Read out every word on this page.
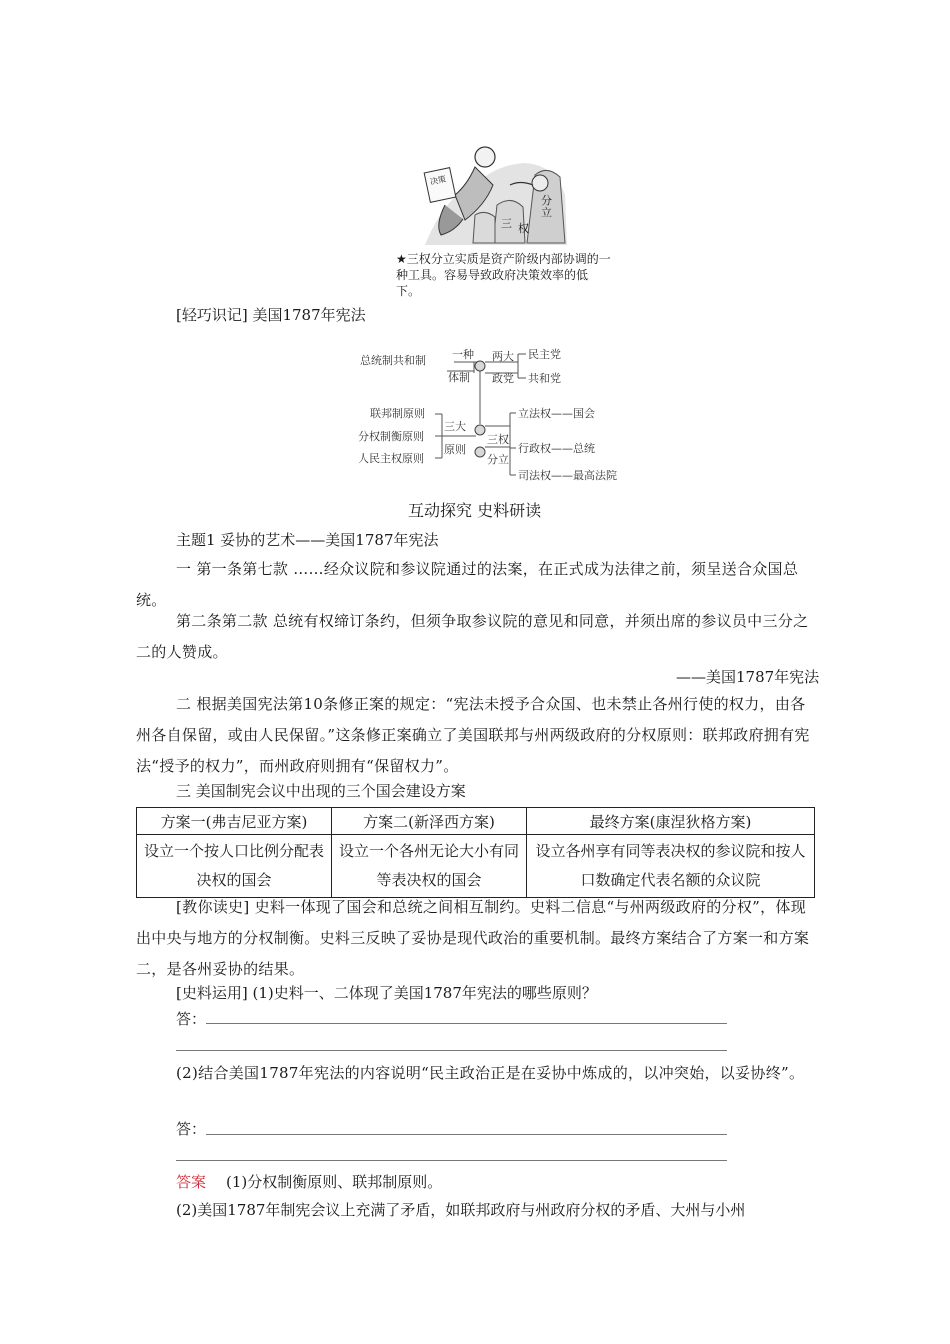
决策
分立
三 权
★三权分立实质是资产阶级内部协调的一种工具。容易导致政府决策效率的低下。
[轻巧识记] 美国1787年宪法
总统制共和制 一种
体制
两大
政党
民主党
共和党
联邦制原则
分权制衡原则
人民主权原则
三大
原则
三权
分立
立法权——国会
行政权——总统
司法权——最高法院
互动探究 史料研读
主题1 妥协的艺术——美国1787年宪法
一 第一条第七款 ……经众议院和参议院通过的法案，在正式成为法律之前，须呈送合众国总统。
第二条第二款 总统有权缔订条约，但须争取参议院的意见和同意，并须出席的参议员中三分之二的人赞成。
——美国1787年宪法
二 根据美国宪法第10条修正案的规定：“宪法未授予合众国、也未禁止各州行使的权力，由各州各自保留，或由人民保留。”这条修正案确立了美国联邦与州两级政府的分权原则：联邦政府拥有宪法“授予的权力”，而州政府则拥有“保留权力”。
三 美国制宪会议中出现的三个国会建设方案
方案一(弗吉尼亚方案)	方案二(新泽西方案)	最终方案(康涅狄格方案)
设立一个按人口比例分配表决权的国会	设立一个各州无论大小有同等表决权的国会	设立各州享有同等表决权的参议院和按人口数确定代表名额的众议院
[教你读史] 史料一体现了国会和总统之间相互制约。史料二信息“与州两级政府的分权”，体现出中央与地方的分权制衡。史料三反映了妥协是现代政治的重要机制。最终方案结合了方案一和方案二，是各州妥协的结果。
[史料运用] (1)史料一、二体现了美国1787年宪法的哪些原则？
答：
(2)结合美国1787年宪法的内容说明“民主政治正是在妥协中炼成的，以冲突始，以妥协终”。
答：
答案 (1)分权制衡原则、联邦制原则。
(2)美国1787年制宪会议上充满了矛盾，如联邦政府与州政府分权的矛盾、大州与小州
